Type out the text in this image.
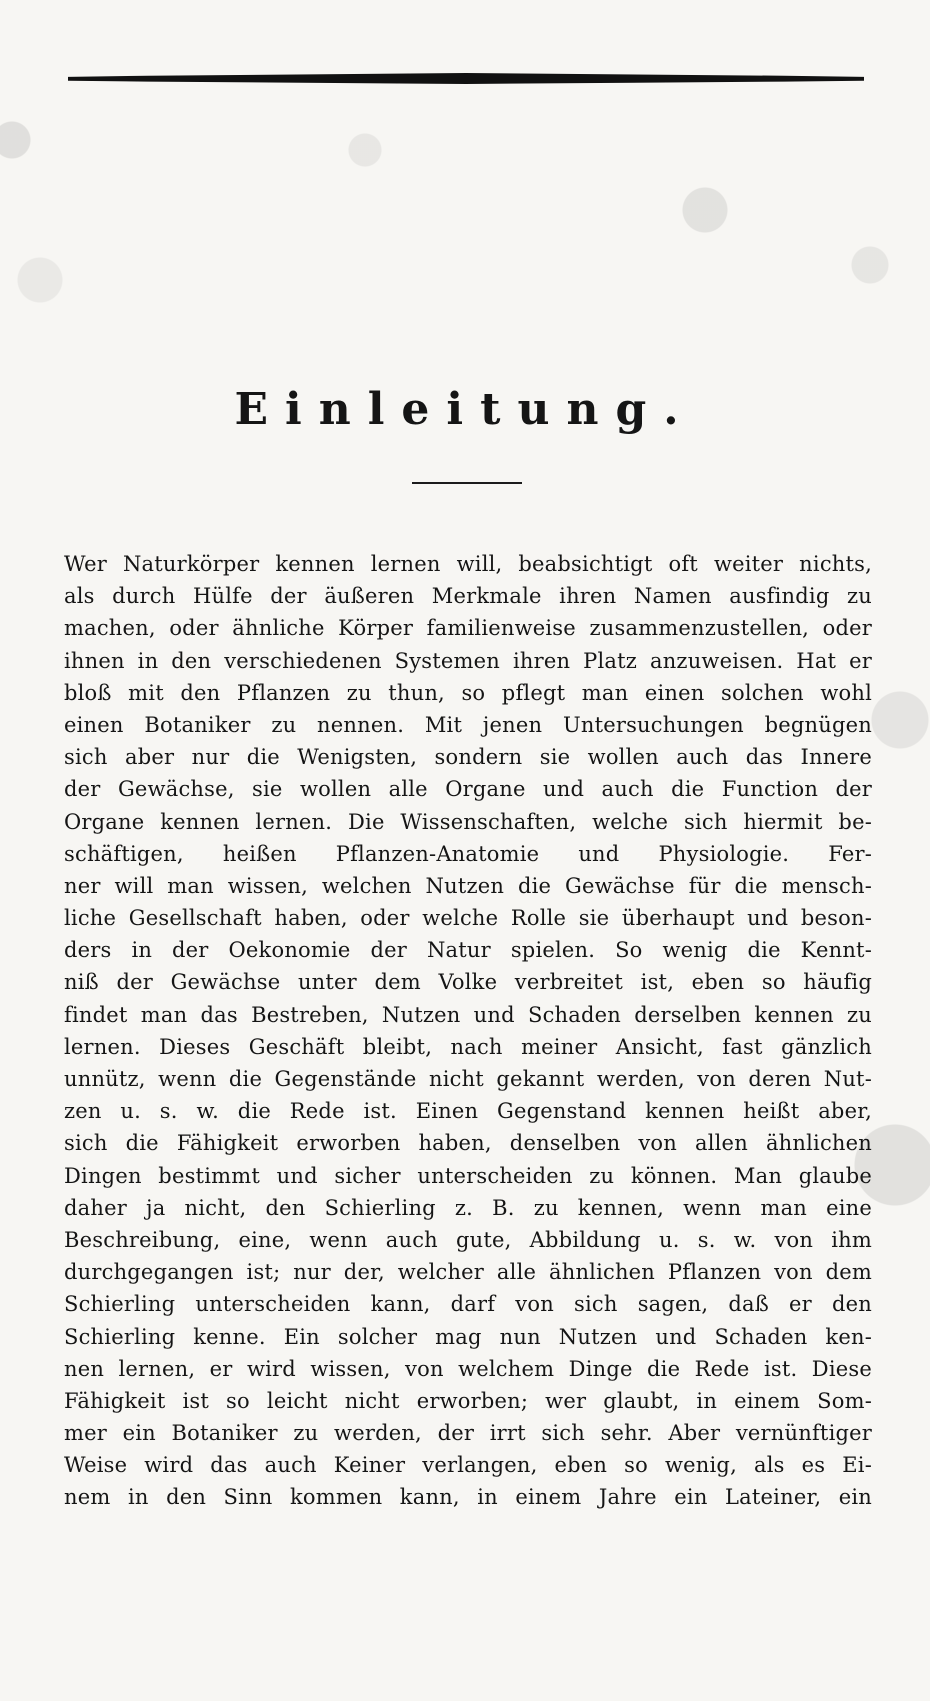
Einleitung.
Wer Naturkörper kennen lernen will, beabsichtigt oft weiter nichts,
als durch Hülfe der äußeren Merkmale ihren Namen ausfindig zu
machen, oder ähnliche Körper familienweise zusammenzustellen, oder
ihnen in den verschiedenen Systemen ihren Platz anzuweisen. Hat er
bloß mit den Pflanzen zu thun, so pflegt man einen solchen wohl
einen Botaniker zu nennen. Mit jenen Untersuchungen begnügen
sich aber nur die Wenigsten, sondern sie wollen auch das Innere
der Gewächse, sie wollen alle Organe und auch die Function der
Organe kennen lernen. Die Wissenschaften, welche sich hiermit be-
schäftigen, heißen Pflanzen-Anatomie und Physiologie. Fer-
ner will man wissen, welchen Nutzen die Gewächse für die mensch-
liche Gesellschaft haben, oder welche Rolle sie überhaupt und beson-
ders in der Oekonomie der Natur spielen. So wenig die Kennt-
niß der Gewächse unter dem Volke verbreitet ist, eben so häufig
findet man das Bestreben, Nutzen und Schaden derselben kennen zu
lernen. Dieses Geschäft bleibt, nach meiner Ansicht, fast gänzlich
unnütz, wenn die Gegenstände nicht gekannt werden, von deren Nut-
zen u. s. w. die Rede ist. Einen Gegenstand kennen heißt aber,
sich die Fähigkeit erworben haben, denselben von allen ähnlichen
Dingen bestimmt und sicher unterscheiden zu können. Man glaube
daher ja nicht, den Schierling z. B. zu kennen, wenn man eine
Beschreibung, eine, wenn auch gute, Abbildung u. s. w. von ihm
durchgegangen ist; nur der, welcher alle ähnlichen Pflanzen von dem
Schierling unterscheiden kann, darf von sich sagen, daß er den
Schierling kenne. Ein solcher mag nun Nutzen und Schaden ken-
nen lernen, er wird wissen, von welchem Dinge die Rede ist. Diese
Fähigkeit ist so leicht nicht erworben; wer glaubt, in einem Som-
mer ein Botaniker zu werden, der irrt sich sehr. Aber vernünftiger
Weise wird das auch Keiner verlangen, eben so wenig, als es Ei-
nem in den Sinn kommen kann, in einem Jahre ein Lateiner, ein
